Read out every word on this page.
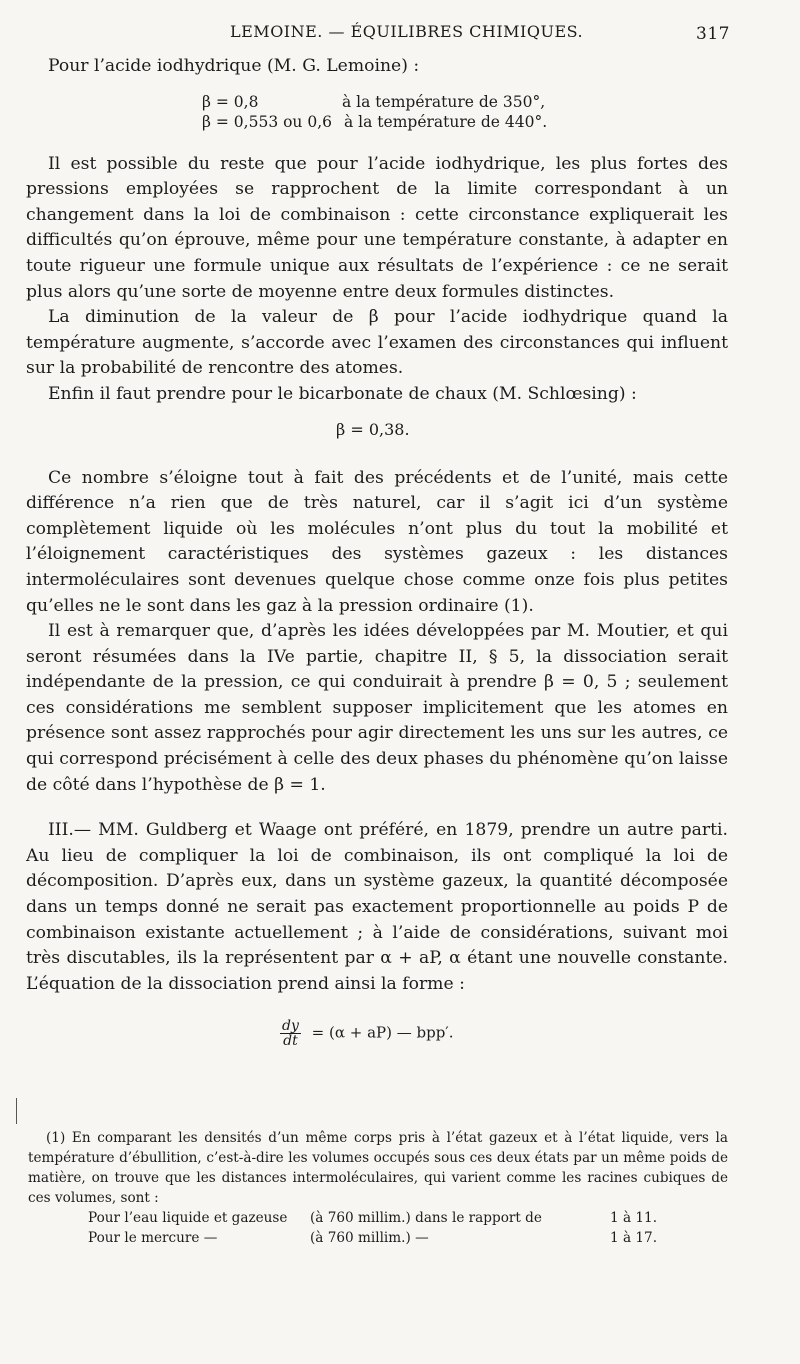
LEMOINE. — ÉQUILIBRES CHIMIQUES.	317

Pour l’acide iodhydrique (M. G. Lemoine) :

β = 0,8	à la température de 350°,
β = 0,553 ou 0,6 à la température de 440°.

Il est possible du reste que pour l’acide iodhydrique, les plus fortes des pressions employées se rapprochent de la limite correspondant à un changement dans la loi de combinaison : cette circonstance expliquerait les difficultés qu’on éprouve, même pour une température constante, à adapter en toute rigueur une formule unique aux résultats de l’expérience : ce ne serait plus alors qu’une sorte de moyenne entre deux formules distinctes.

La diminution de la valeur de β pour l’acide iodhydrique quand la température augmente, s’accorde avec l’examen des circonstances qui influent sur la probabilité de rencontre des atomes.

Enfin il faut prendre pour le bicarbonate de chaux (M. Schlœsing) :

β = 0,38.

Ce nombre s’éloigne tout à fait des précédents et de l’unité, mais cette différence n’a rien que de très naturel, car il s’agit ici d’un système complètement liquide où les molécules n’ont plus du tout la mobilité et l’éloignement caractéristiques des systèmes gazeux : les distances intermoléculaires sont devenues quelque chose comme onze fois plus petites qu’elles ne le sont dans les gaz à la pression ordinaire (1).

Il est à remarquer que, d’après les idées développées par M. Moutier, et qui seront résumées dans la IVe partie, chapitre II, § 5, la dissociation serait indépendante de la pression, ce qui conduirait à prendre β = 0, 5 ; seulement ces considérations me semblent supposer implicitement que les atomes en présence sont assez rapprochés pour agir directement les uns sur les autres, ce qui correspond précisément à celle des deux phases du phénomène qu’on laisse de côté dans l’hypothèse de β = 1.

III.— MM. Guldberg et Waage ont préféré, en 1879, prendre un autre parti. Au lieu de compliquer la loi de combinaison, ils ont compliqué la loi de décomposition. D’après eux, dans un système gazeux, la quantité décomposée dans un temps donné ne serait pas exactement proportionnelle au poids P de combinaison existante actuellement ; à l’aide de considérations, suivant moi très discutables, ils la représentent par α + aP, α étant une nouvelle constante. L’équation de la dissociation prend ainsi la forme :

$\frac{dy}{dt} = (\alpha + aP)$ — bpp′.

(1) En comparant les densités d’un même corps pris à l’état gazeux et à l’état liquide, vers la température d’ébullition, c’est-à-dire les volumes occupés sous ces deux états par un même poids de matière, on trouve que les distances intermoléculaires, qui varient comme les racines cubiques de ces volumes, sont :

Pour l’eau liquide et gazeuse	(à 760 millim.) dans le rapport de	1 à 11.
Pour le mercure —	(à 760 millim.) —	1 à 17.
